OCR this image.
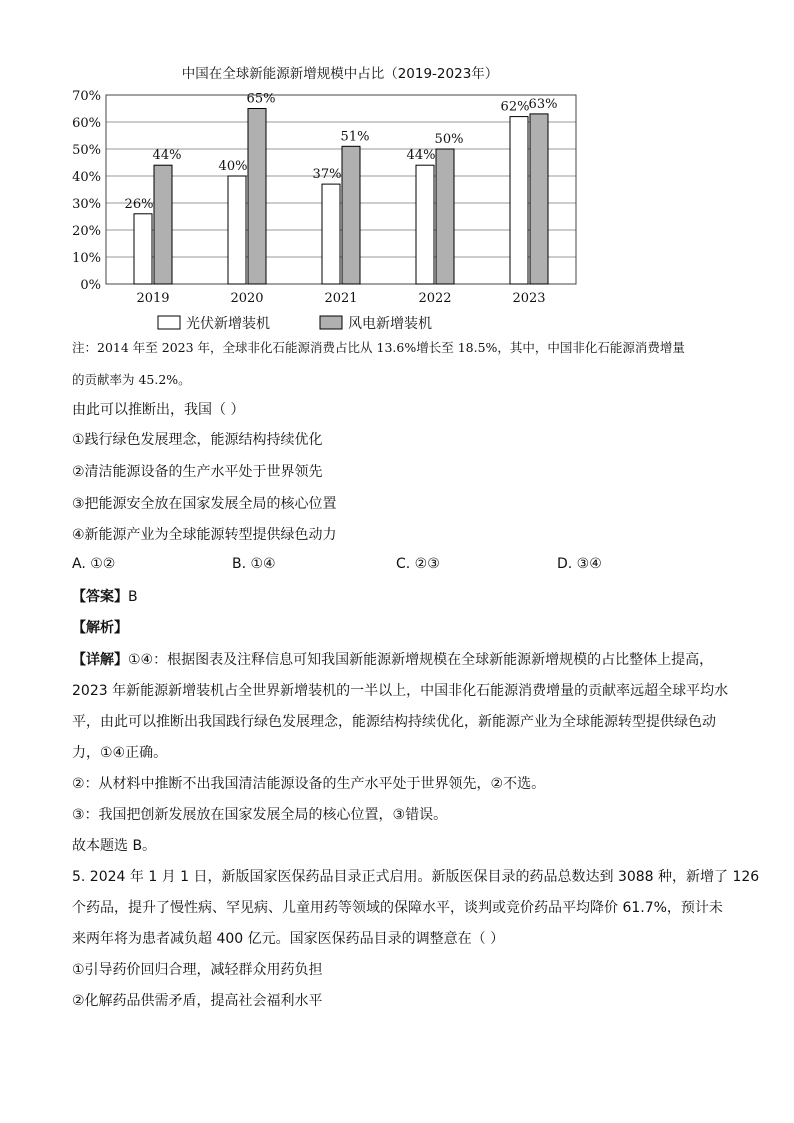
中国在全球新能源新增规模中占比（2019-2023年）
0%
10%
20%
30%
40%
50%
60%
70%
26%
44%
2019
40%
65%
2020
37%
51%
2021
44%
50%
2022
62% 63%
2023
光伏新增装机	风电新增装机
注：2014 年至 2023 年，全球非化石能源消费占比从 13.6%增长至 18.5%，其中，中国非化石能源消费增量
的贡献率为 45.2%。
由此可以推断出，我国（ ）
①践行绿色发展理念，能源结构持续优化
②清洁能源设备的生产水平处于世界领先
③把能源安全放在国家发展全局的核心位置
④新能源产业为全球能源转型提供绿色动力
A. ①②	B. ①④	C. ②③	D. ③④
【答案】B
【解析】
【详解】①④：根据图表及注释信息可知我国新能源新增规模在全球新能源新增规模的占比整体上提高，
2023 年新能源新增装机占全世界新增装机的一半以上，中国非化石能源消费增量的贡献率远超全球平均水
平，由此可以推断出我国践行绿色发展理念，能源结构持续优化，新能源产业为全球能源转型提供绿色动
力，①④正确。
②：从材料中推断不出我国清洁能源设备的生产水平处于世界领先，②不选。
③：我国把创新发展放在国家发展全局的核心位置，③错误。
故本题选 B。
5. 2024 年 1 月 1 日，新版国家医保药品目录正式启用。新版医保目录的药品总数达到 3088 种，新增了 126
个药品，提升了慢性病、罕见病、儿童用药等领域的保障水平，谈判或竞价药品平均降价 61.7%，预计未
来两年将为患者减负超 400 亿元。国家医保药品目录的调整意在（ ）
①引导药价回归合理，减轻群众用药负担
②化解药品供需矛盾，提高社会福利水平
